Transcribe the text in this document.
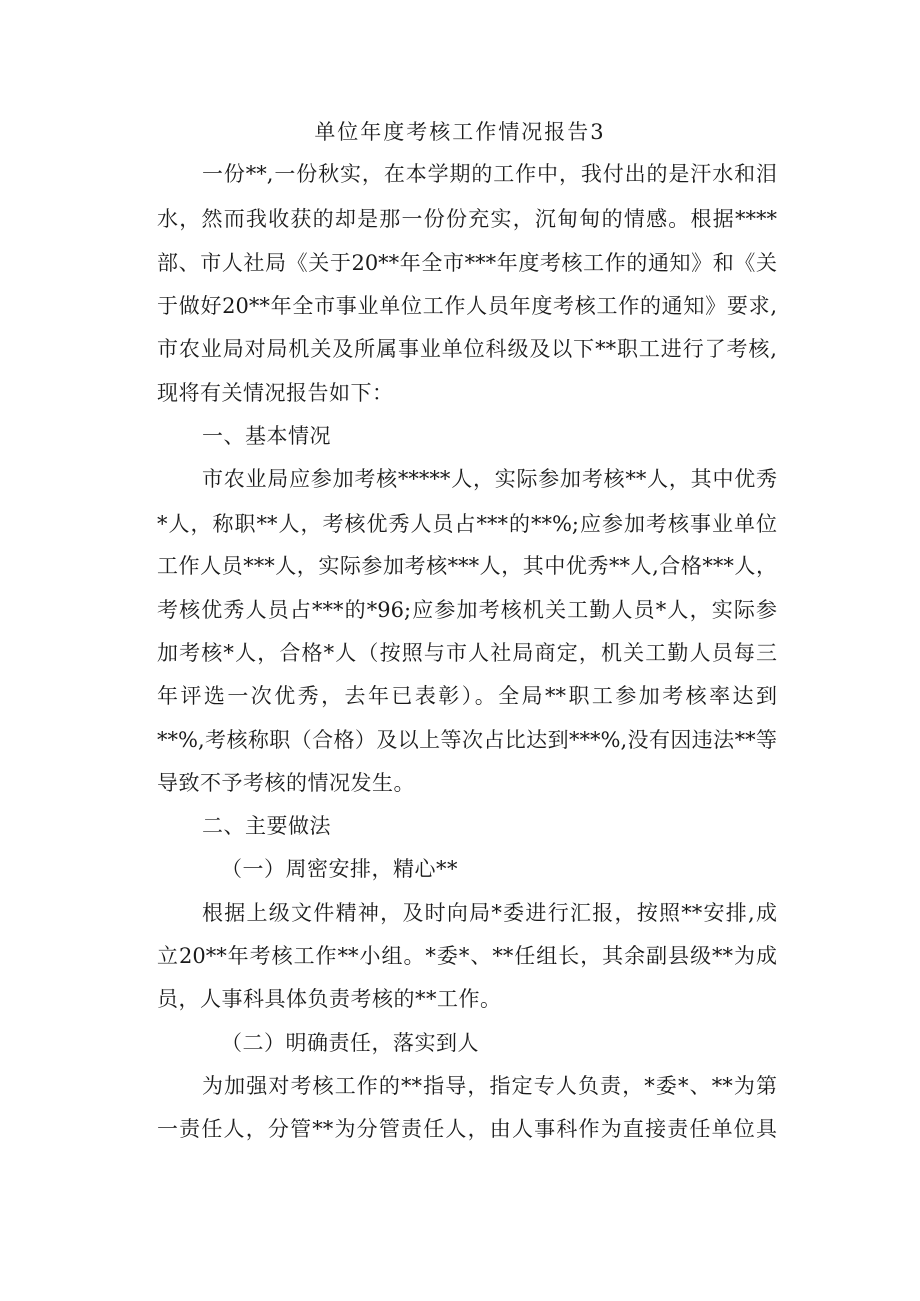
单位年度考核工作情况报告3
一份**,一份秋实，在本学期的工作中，我付出的是汗水和泪
水，然而我收获的却是那一份份充实，沉甸甸的情感。根据****
部、市人社局《关于20**年全市***年度考核工作的通知》和《关
于做好20**年全市事业单位工作人员年度考核工作的通知》要求,
市农业局对局机关及所属事业单位科级及以下**职工进行了考核,
现将有关情况报告如下：
一、基本情况
市农业局应参加考核*****人，实际参加考核**人，其中优秀
*人，称职**人，考核优秀人员占***的**%;应参加考核事业单位
工作人员***人，实际参加考核***人，其中优秀**人,合格***人，
考核优秀人员占***的*96;应参加考核机关工勤人员*人，实际参
加考核*人，合格*人（按照与市人社局商定，机关工勤人员每三
年评选一次优秀，去年已表彰）。全局**职工参加考核率达到
**%,考核称职（合格）及以上等次占比达到***%,没有因违法**等
导致不予考核的情况发生。
二、主要做法
（一）周密安排，精心**
根据上级文件精神，及时向局*委进行汇报，按照**安排,成
立20**年考核工作**小组。*委*、**任组长，其余副县级**为成
员，人事科具体负责考核的**工作。
（二）明确责任，落实到人
为加强对考核工作的**指导，指定专人负责，*委*、**为第
一责任人，分管**为分管责任人，由人事科作为直接责任单位具
